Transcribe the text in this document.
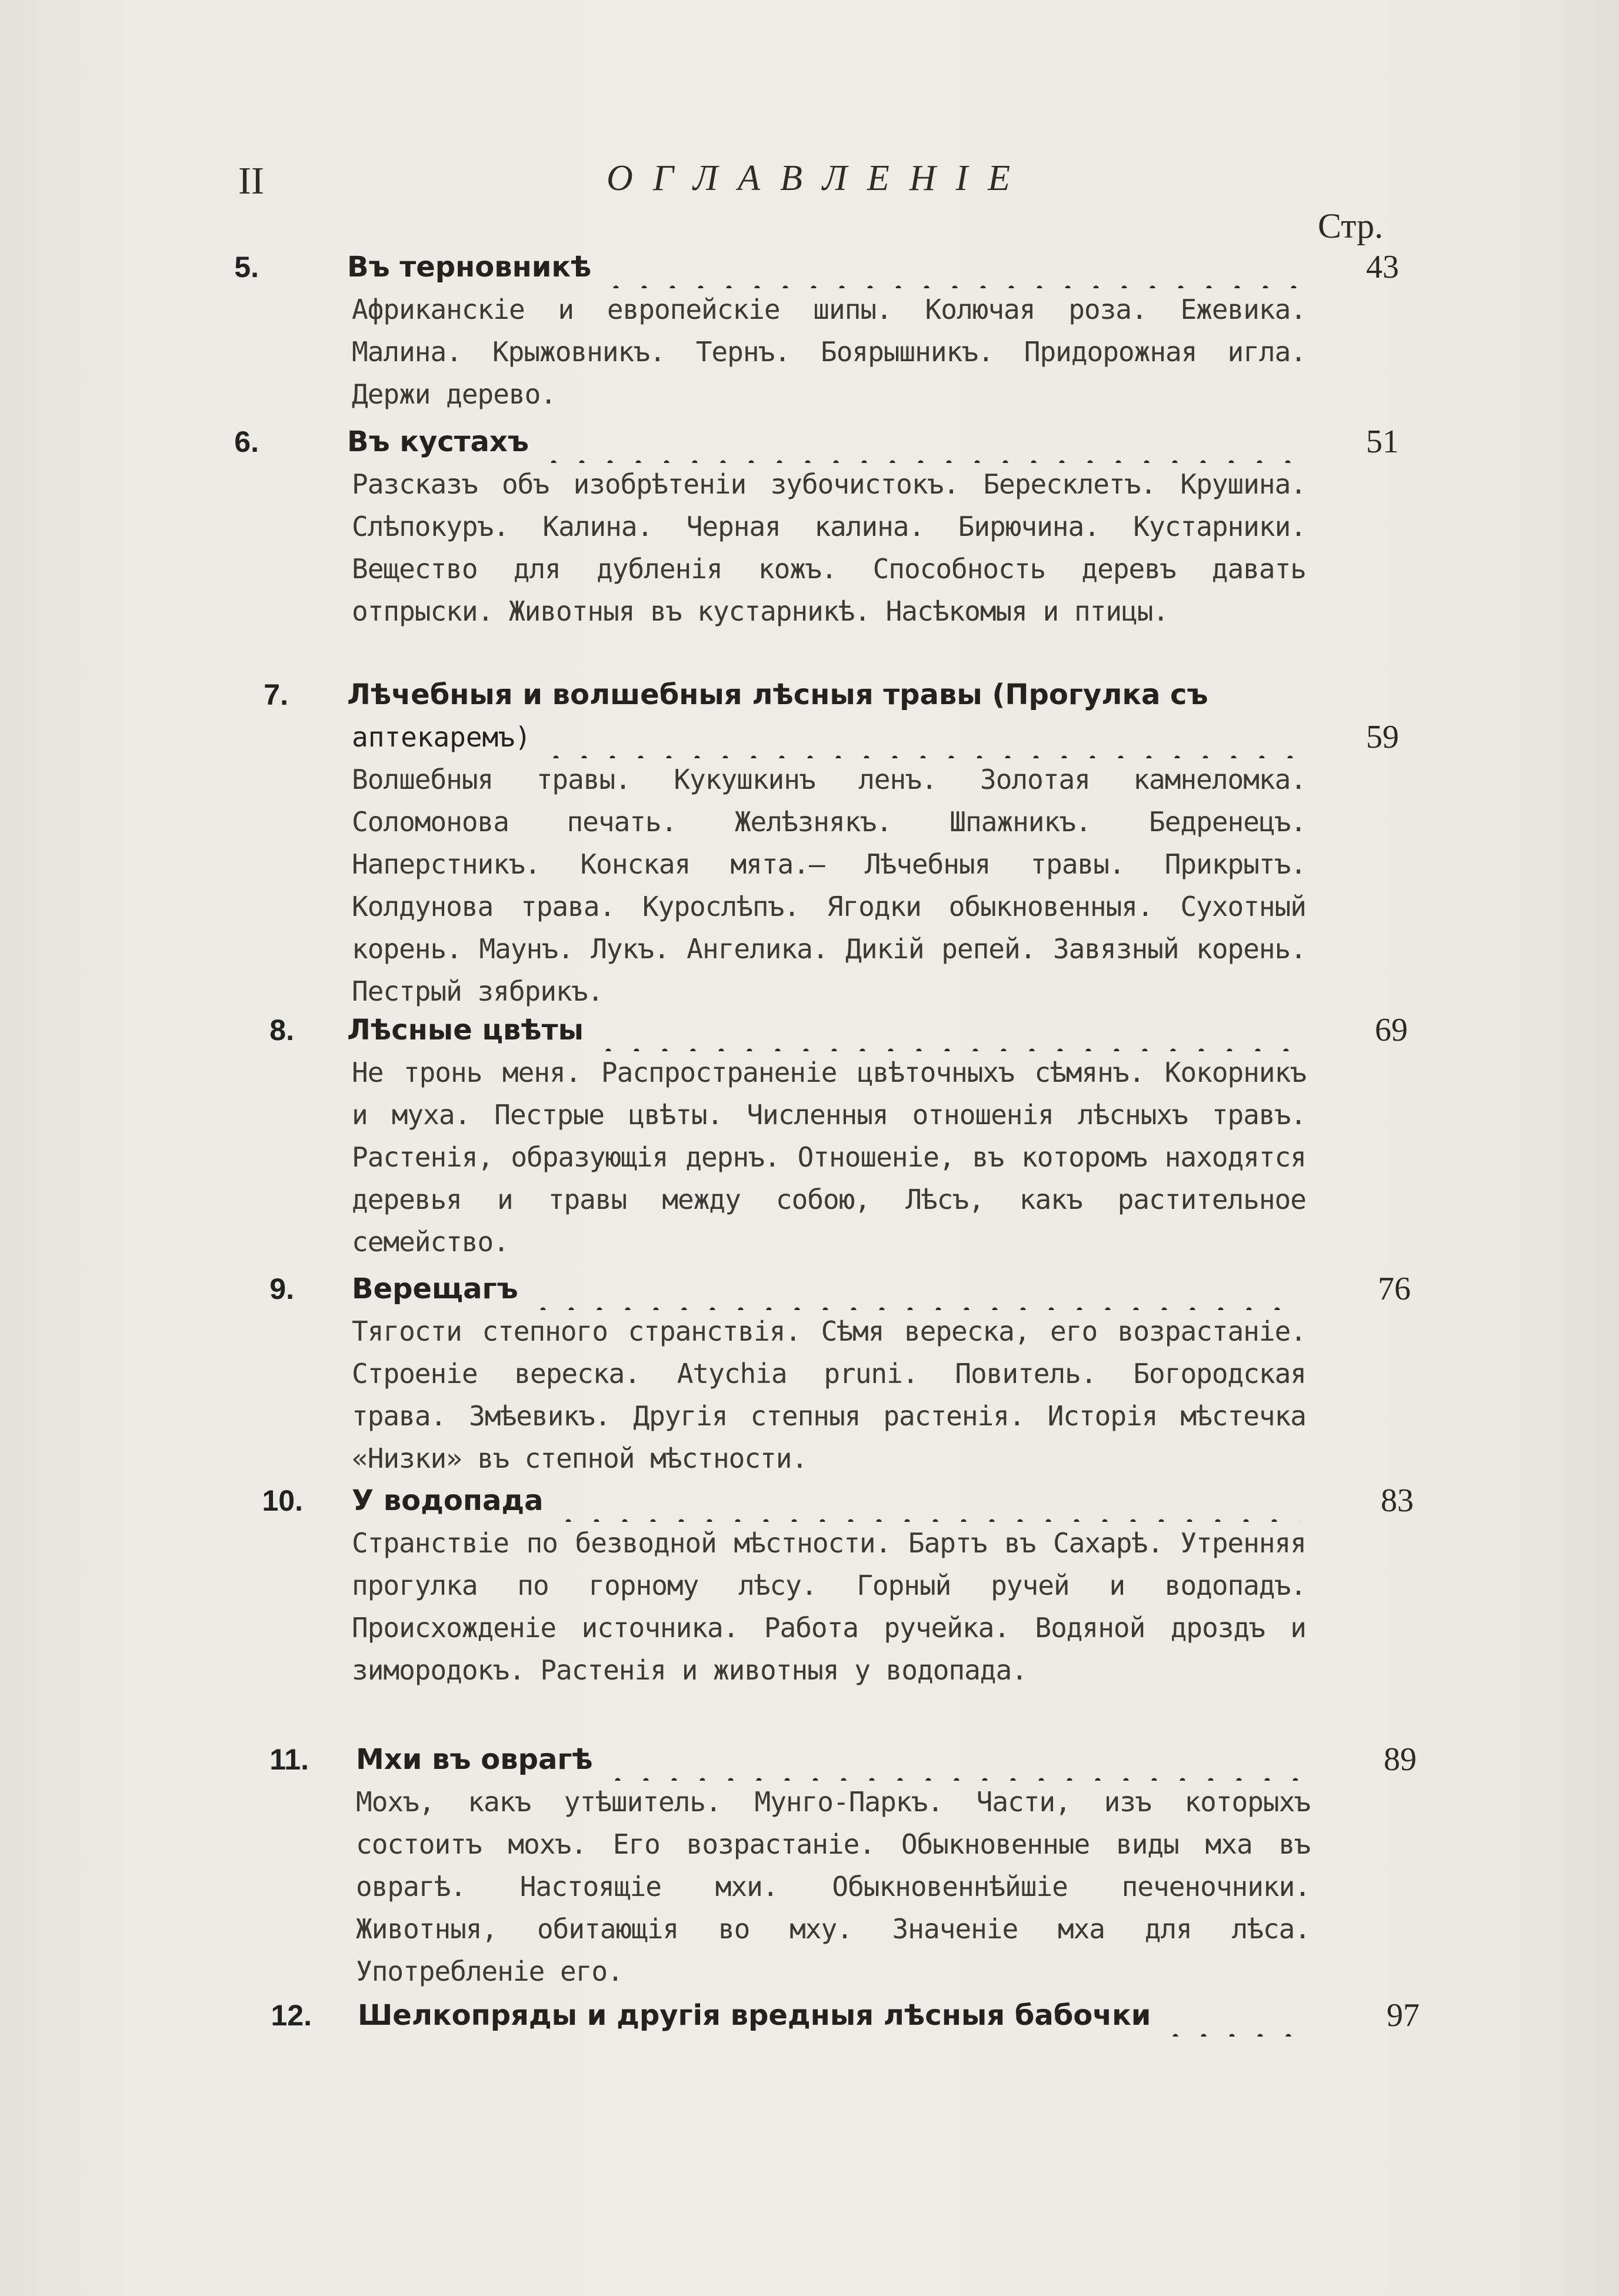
II	ОГЛАВЛЕНІЕ
Стр.
5.	Въ терновникѣ	43
Африканскіе и европейскіе шипы. Колючая роза. Ежевика. Малина. Крыжовникъ. Тернъ. Боярышникъ. Придорожная игла. Держи дерево.
6.	Въ кустахъ	51
Разсказъ объ изобрѣтеніи зубочистокъ. Бересклетъ. Крушина. Слѣпокуръ. Калина. Черная калина. Бирючина. Кустарники. Вещество для дубленія кожъ. Способность деревъ давать отпрыски. Животныя въ кустарникѣ. Насѣкомыя и птицы.
7. Лѣчебныя и волшебныя лѣсныя травы (Прогулка съ
аптекаремъ)	59
Волшебныя травы. Кукушкинъ ленъ. Золотая камнеломка. Соломонова печать. Желѣзнякъ. Шпажникъ. Бедренецъ. Наперстникъ. Конская мята.— Лѣчебныя травы. Прикрытъ. Колдунова трава. Курослѣпъ. Ягодки обыкновенныя. Сухотный корень. Маунъ. Лукъ. Ангелика. Дикій репей. Завязный корень. Пестрый зябрикъ.
8. Лѣсные цвѣты	69
Не тронь меня. Распространеніе цвѣточныхъ сѣмянъ. Кокорникъ и муха. Пестрые цвѣты. Численныя отношенія лѣсныхъ травъ. Растенія, образующія дернъ. Отношеніе, въ которомъ находятся деревья и травы между собою, Лѣсъ, какъ растительное семейство.
9. Верещагъ	76
Тягости степного странствія. Сѣмя вереска, его возрастаніе. Строеніе вереска. Atychia pruni. Повитель. Богородская трава. Змѣевикъ. Другія степныя растенія. Исторія мѣстечка «Низки» въ степной мѣстности.
10. У водопада	83
Странствіе по безводной мѣстности. Бартъ въ Сахарѣ. Утренняя прогулка по горному лѣсу. Горный ручей и водопадъ. Происхожденіе источника. Работа ручейка. Водяной дроздъ и зимородокъ. Растенія и животныя у водопада.
11. Мхи въ оврагѣ	89
Мохъ, какъ утѣшитель. Мунго-Паркъ. Части, изъ которыхъ состоитъ мохъ. Его возрастаніе. Обыкновенные виды мха въ оврагѣ. Настоящіе мхи. Обыкновеннѣйшіе печеночники. Животныя, обитающія во мху. Значеніе мха для лѣса. Употребленіе его.
12. Шелкопряды и другія вредныя лѣсныя бабочки	97
